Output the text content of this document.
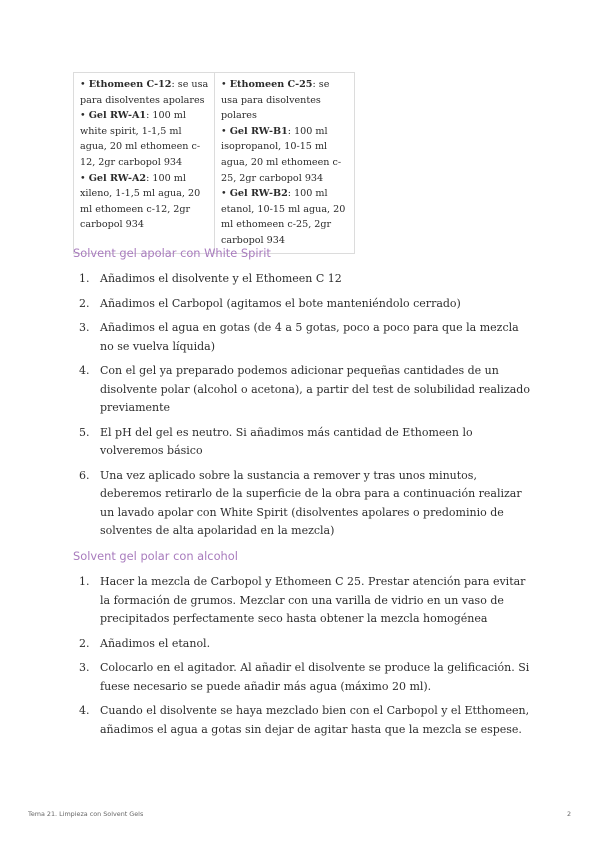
• Ethomeen C-12: se usa para disolventes apolares

• Gel RW-A1: 100 ml white spirit, 1-1,5 ml agua, 20 ml ethomeen c-12, 2gr carbopol 934

• Gel RW-A2: 100 ml xileno, 1-1,5 ml agua, 20 ml ethomeen c-12, 2gr carbopol 934

• Ethomeen C-25: se usa para disolventes polares

• Gel RW-B1: 100 ml isopropanol, 10-15 ml agua, 20 ml ethomeen c-25, 2gr carbopol 934

• Gel RW-B2: 100 ml etanol, 10-15 ml agua, 20 ml ethomeen c-25, 2gr carbopol 934

Solvent gel apolar con White Spirit
1. Añadimos el disolvente y el Ethomeen C 12
2. Añadimos el Carbopol (agitamos el bote manteniéndolo cerrado)
3. Añadimos el agua en gotas (de 4 a 5 gotas, poco a poco para que la mezcla no se vuelva líquida)
4. Con el gel ya preparado podemos adicionar pequeñas cantidades de un disolvente polar (alcohol o acetona), a partir del test de solubilidad realizado previamente
5. El pH del gel es neutro. Si añadimos más cantidad de Ethomeen lo volveremos básico
6. Una vez aplicado sobre la sustancia a remover y tras unos minutos, deberemos retirarlo de la superficie de la obra para a continuación realizar un lavado apolar con White Spirit (disolventes apolares o predominio de solventes de alta apolaridad en la mezcla)
Solvent gel polar con alcohol
1. Hacer la mezcla de Carbopol y Ethomeen C 25. Prestar atención para evitar la formación de grumos. Mezclar con una varilla de vidrio en un vaso de precipitados perfectamente seco hasta obtener la mezcla homogénea
2. Añadimos el etanol.
3. Colocarlo en el agitador. Al añadir el disolvente se produce la gelificación. Si fuese necesario se puede añadir más agua (máximo 20 ml).
4. Cuando el disolvente se haya mezclado bien con el Carbopol y el Etthomeen, añadimos el agua a gotas sin dejar de agitar hasta que la mezcla se espese.
Tema 21. Limpieza con Solvent Gels	2
